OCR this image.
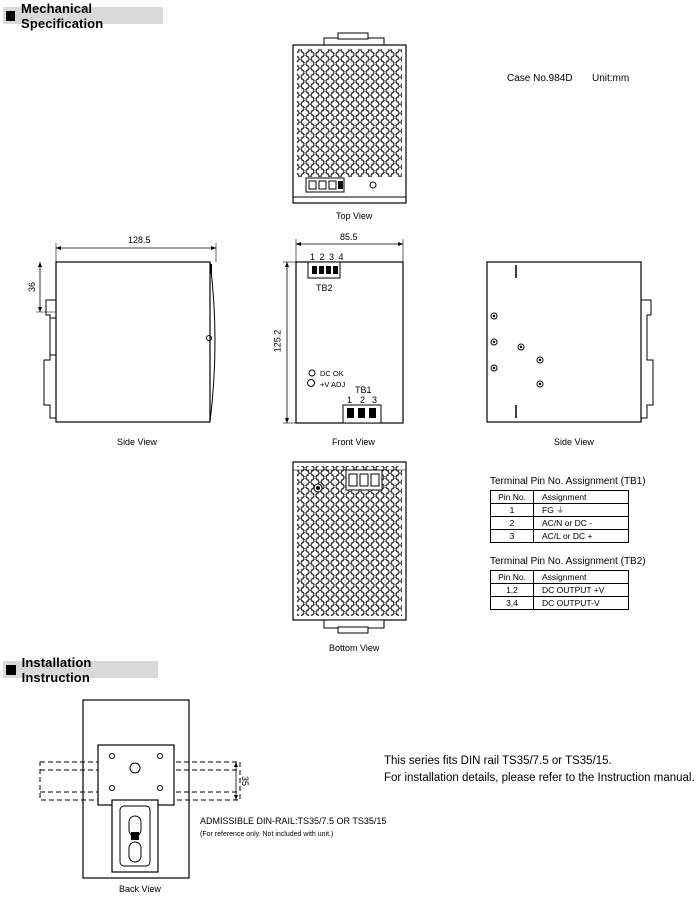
Mechanical Specification
Installation Instruction
Case No.984D Unit:mm
Top View
128.5
36
85.5
125.2
35
1 2 3 4
TB2
DC OK
+V ADJ
TB1
1 2 3
Side View	Front View	Side View
Bottom View
Back View
Terminal Pin No. Assignment (TB1)
Pin No.	Assignment
1	FG ⏚
2	AC/N or DC -
3	AC/L or DC +
Terminal Pin No. Assignment (TB2)
Pin No.	Assignment
1,2	DC OUTPUT +V
3,4	DC OUTPUT-V
This series fits DIN rail TS35/7.5 or TS35/15.
For installation details, please refer to the Instruction manual.
ADMISSIBLE DIN-RAIL:TS35/7.5 OR TS35/15
(For reference only. Not included with unit.)
